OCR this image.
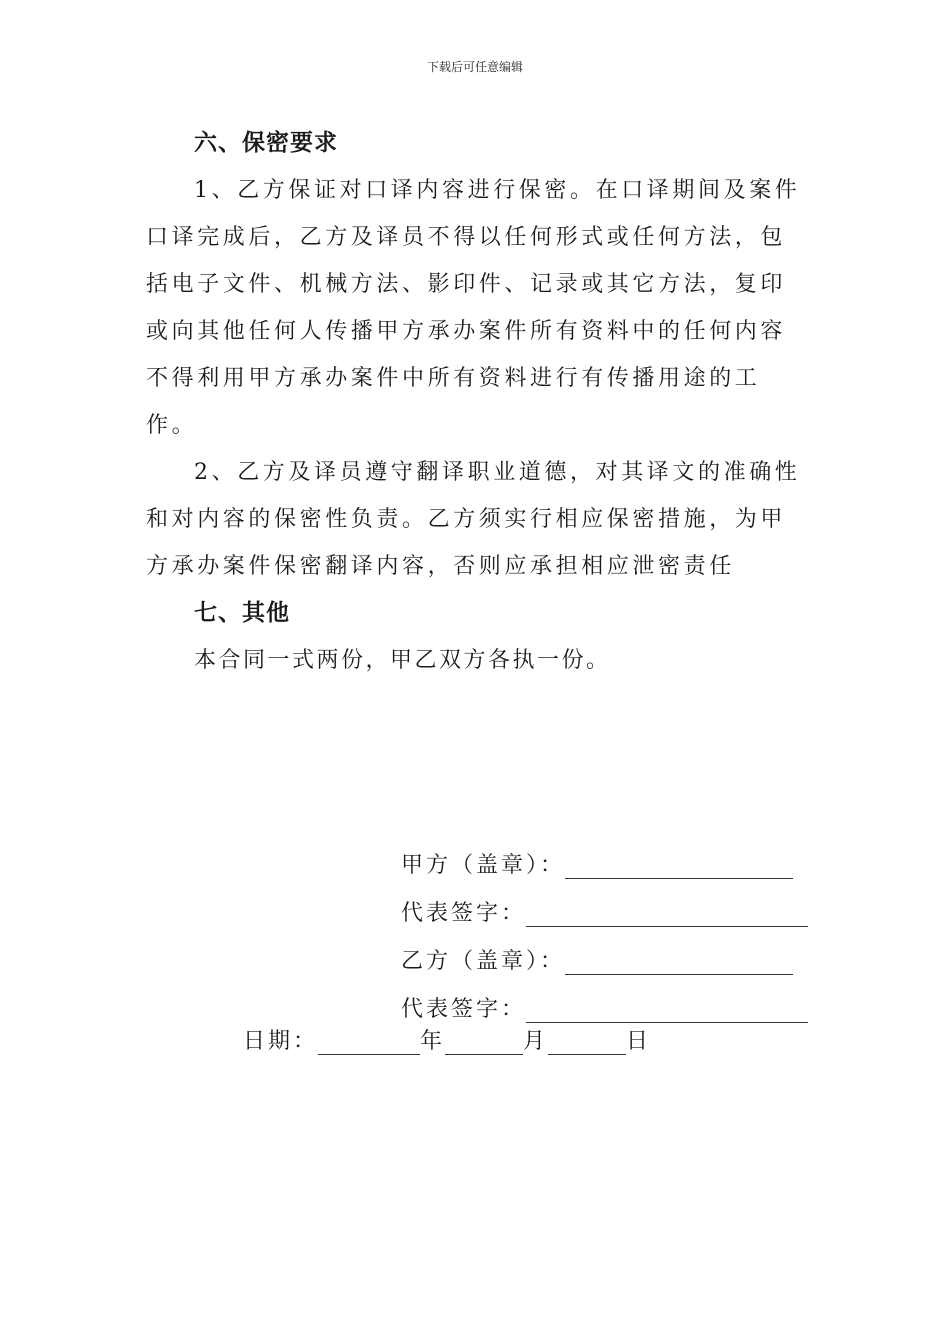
下载后可任意编辑
六、保密要求

1、乙方保证对口译内容进行保密。在口译期间及案件口译完成后，乙方及译员不得以任何形式或任何方法，包括电子文件、机械方法、影印件、记录或其它方法，复印或向其他任何人传播甲方承办案件所有资料中的任何内容不得利用甲方承办案件中所有资料进行有传播用途的工作。

2、乙方及译员遵守翻译职业道德，对其译文的准确性和对内容的保密性负责。乙方须实行相应保密措施，为甲方承办案件保密翻译内容，否则应承担相应泄密责任

七、其他

本合同一式两份，甲乙双方各执一份。

甲方（盖章）：
代表签字：
乙方（盖章）：
代表签字：
日期：	年	月	日
